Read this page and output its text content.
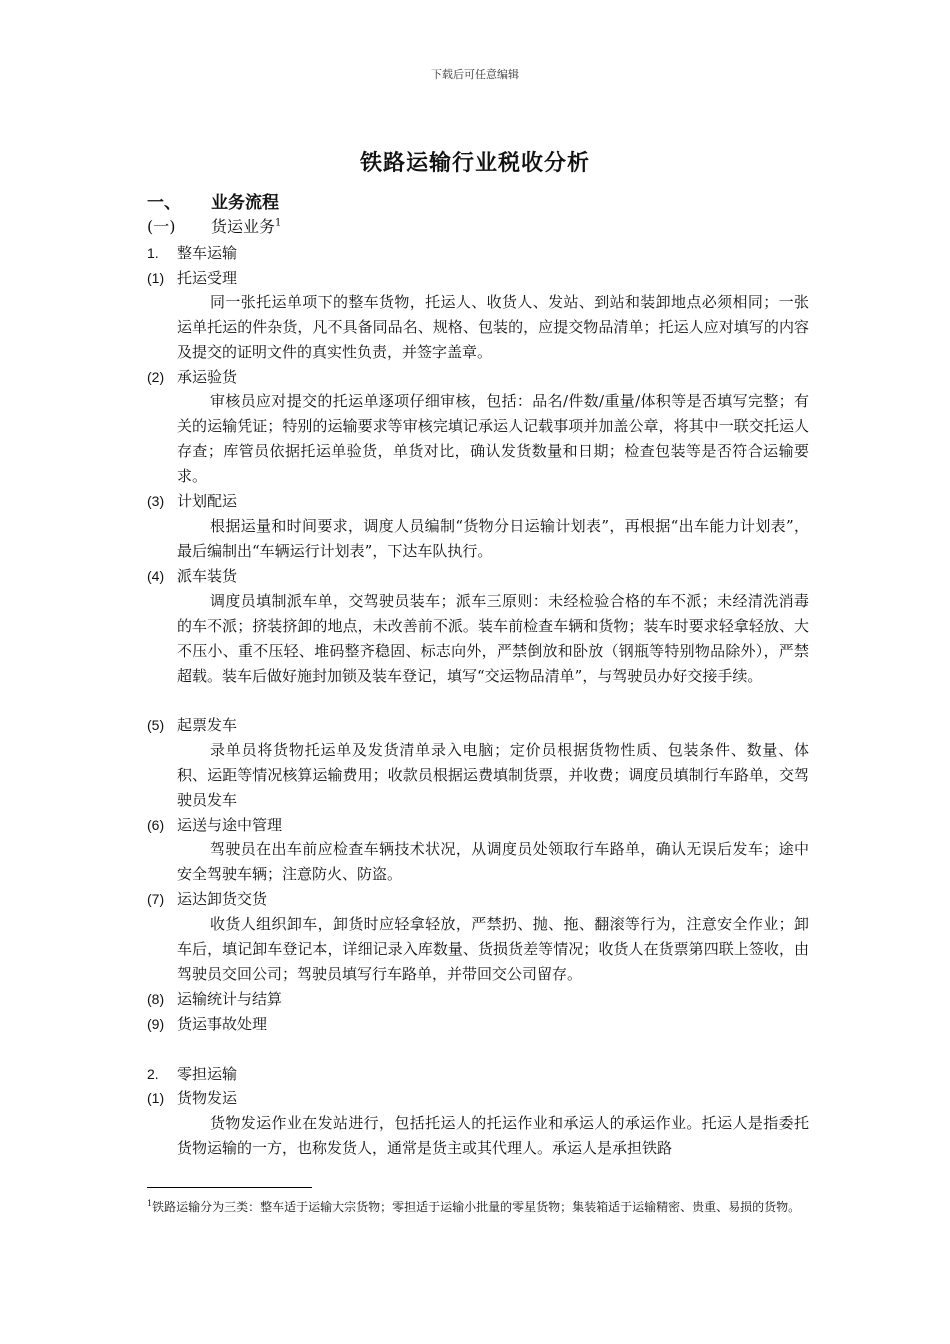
下载后可任意编辑
铁路运输行业税收分析
一、 业务流程
(一) 货运业务$^1$
1. 整车运输
(1) 托运受理
同一张托运单项下的整车货物，托运人、收货人、发站、到站和装卸地点必须相同；一张运单托运的件杂货，凡不具备同品名、规格、包装的，应提交物品清单；托运人应对填写的内容及提交的证明文件的真实性负责，并签字盖章。
(2) 承运验货
审核员应对提交的托运单逐项仔细审核，包括：品名/件数/重量/体积等是否填写完整；有关的运输凭证；特别的运输要求等审核完填记承运人记载事项并加盖公章，将其中一联交托运人存查；库管员依据托运单验货，单货对比，确认发货数量和日期；检查包装等是否符合运输要求。
(3) 计划配运
根据运量和时间要求，调度人员编制“货物分日运输计划表”，再根据“出车能力计划表”，最后编制出“车辆运行计划表”，下达车队执行。
(4) 派车装货
调度员填制派车单，交驾驶员装车；派车三原则：未经检验合格的车不派；未经清洗消毒的车不派；挤装挤卸的地点，未改善前不派。装车前检查车辆和货物；装车时要求轻拿轻放、大不压小、重不压轻、堆码整齐稳固、标志向外，严禁倒放和卧放（钢瓶等特别物品除外），严禁超载。装车后做好施封加锁及装车登记，填写“交运物品清单”，与驾驶员办好交接手续。
(5) 起票发车
录单员将货物托运单及发货清单录入电脑；定价员根据货物性质、包装条件、数量、体积、运距等情况核算运输费用；收款员根据运费填制货票，并收费；调度员填制行车路单，交驾驶员发车
(6) 运送与途中管理
驾驶员在出车前应检查车辆技术状况，从调度员处领取行车路单，确认无误后发车；途中安全驾驶车辆；注意防火、防盗。
(7) 运达卸货交货
收货人组织卸车，卸货时应轻拿轻放，严禁扔、抛、拖、翻滚等行为，注意安全作业；卸车后，填记卸车登记本，详细记录入库数量、货损货差等情况；收货人在货票第四联上签收，由驾驶员交回公司；驾驶员填写行车路单，并带回交公司留存。
(8) 运输统计与结算
(9) 货运事故处理
2. 零担运输
(1) 货物发运
货物发运作业在发站进行，包括托运人的托运作业和承运人的承运作业。托运人是指委托货物运输的一方，也称发货人，通常是货主或其代理人。承运人是承担铁路
$^1$铁路运输分为三类：整车适于运输大宗货物；零担适于运输小批量的零星货物；集装箱适于运输精密、贵重、易损的货物。
